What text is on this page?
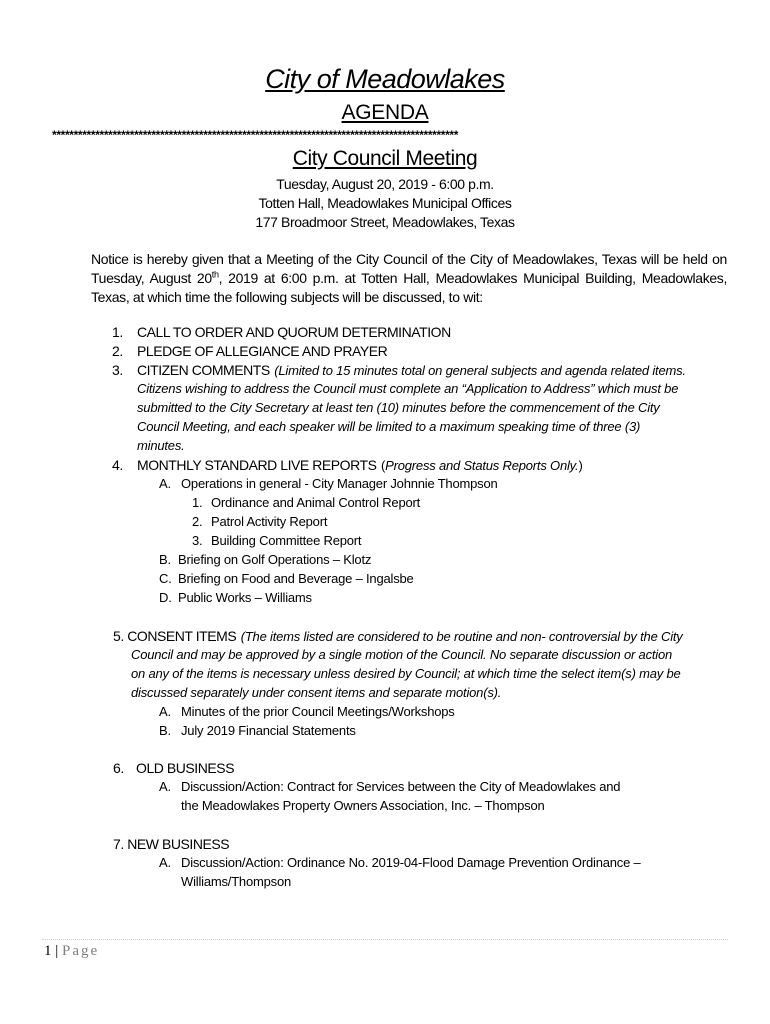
City of Meadowlakes
AGENDA
**********************************************************************************************
City Council Meeting
Tuesday, August 20, 2019 - 6:00 p.m.
Totten Hall, Meadowlakes Municipal Offices
177 Broadmoor Street, Meadowlakes, Texas
Notice is hereby given that a Meeting of the City Council of the City of Meadowlakes, Texas will be held on
Tuesday, August 20th, 2019 at 6:00 p.m. at Totten Hall, Meadowlakes Municipal Building, Meadowlakes,
Texas, at which time the following subjects will be discussed, to wit:
1. CALL TO ORDER AND QUORUM DETERMINATION
2. PLEDGE OF ALLEGIANCE AND PRAYER
3. CITIZEN COMMENTS (Limited to 15 minutes total on general subjects and agenda related items.
Citizens wishing to address the Council must complete an “Application to Address” which must be
submitted to the City Secretary at least ten (10) minutes before the commencement of the City
Council Meeting, and each speaker will be limited to a maximum speaking time of three (3)
minutes.
4. MONTHLY STANDARD LIVE REPORTS (Progress and Status Reports Only.)
A. Operations in general - City Manager Johnnie Thompson
1. Ordinance and Animal Control Report
2. Patrol Activity Report
3. Building Committee Report
B. Briefing on Golf Operations – Klotz
C. Briefing on Food and Beverage – Ingalsbe
D. Public Works – Williams
5. CONSENT ITEMS (The items listed are considered to be routine and non- controversial by the City
Council and may be approved by a single motion of the Council. No separate discussion or action
on any of the items is necessary unless desired by Council; at which time the select item(s) may be
discussed separately under consent items and separate motion(s).
A. Minutes of the prior Council Meetings/Workshops
B. July 2019 Financial Statements
6. OLD BUSINESS
A. Discussion/Action: Contract for Services between the City of Meadowlakes and
the Meadowlakes Property Owners Association, Inc. – Thompson
7. NEW BUSINESS
A. Discussion/Action: Ordinance No. 2019-04-Flood Damage Prevention Ordinance –
Williams/Thompson
1 | Page
